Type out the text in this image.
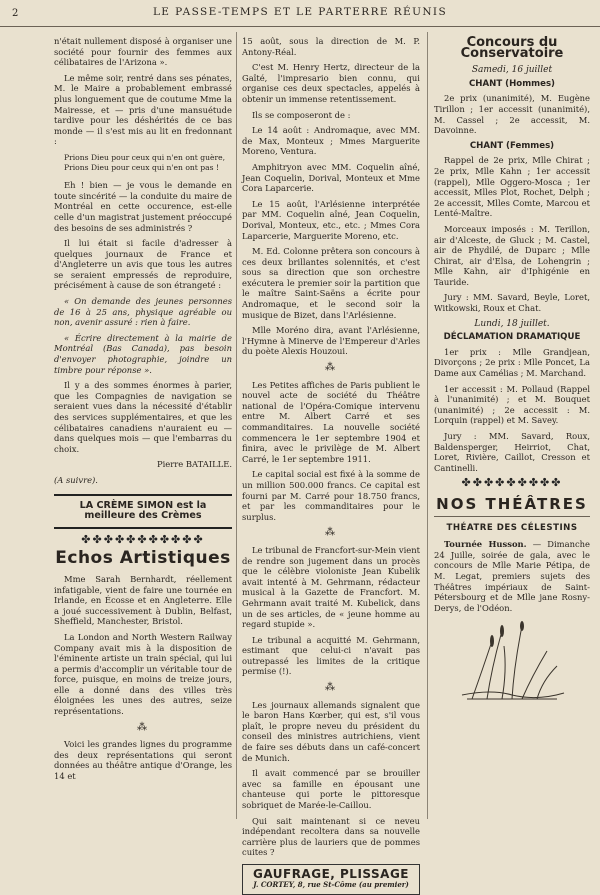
2	LE PASSE-TEMPS ET LE PARTERRE RÉUNIS

n'était nullement disposé à organiser une société pour fournir des femmes aux célibataires de l'Arizona ».

Le même soir, rentré dans ses pénates, M. le Maire a probablement embrassé plus longuement que de coutume Mme la Mairesse, et — pris d'une mansuétude tardive pour les déshérités de ce bas monde — il s'est mis au lit en fredonnant :

Prions Dieu pour ceux qui n'en ont guère,
Prions Dieu pour ceux qui n'en ont pas !

Eh ! bien — je vous le demande en toute sincérité — la conduite du maire de Montréal en cette occurence, est-elle celle d'un magistrat justement préoccupé des besoins de ses administrés ?

Il lui était si facile d'adresser à quelques journaux de France et d'Angleterre un avis que tous les autres se seraient empressés de reproduire, précisément à cause de son étrangeté :

« On demande des jeunes personnes de 16 à 25 ans, physique agréable ou non, avenir assuré : rien à faire.

« Écrire directement à la mairie de Montréal (Bas Canada), pas besoin d'envoyer photographie, joindre un timbre pour réponse ».

Il y a des sommes énormes à parier, que les Compagnies de navigation se seraient vues dans la nécessité d'établir des services supplémentaires, et que les célibataires canadiens n'auraient eu — dans quelques mois — que l'embarras du choix.

Pierre BATAILLE.

(A suivre).

LA CRÈME SIMON est la meilleure des Crèmes
✤✤✤✤✤✤✤✤✤✤✤
Echos Artistiques

Mme Sarah Bernhardt, réellement infatigable, vient de faire une tournée en Irlande, en Écosse et en Angleterre. Elle a joué successivement à Dublin, Belfast, Sheffield, Manchester, Bristol.

La London and North Western Railway Company avait mis à la disposition de l'éminente artiste un train spécial, qui lui a permis d'accomplir un véritable tour de force, puisque, en moins de treize jours, elle a donné dans des villes très éloignées les unes des autres, seize représentations.

⁂

Voici les grandes lignes du programme des deux représentations qui seront données au théâtre antique d'Orange, les 14 et

15 août, sous la direction de M. P. Antony-Réal.

C'est M. Henry Hertz, directeur de la Gaîté, l'impresario bien connu, qui organise ces deux spectacles, appelés à obtenir un immense retentissement.

Ils se composeront de :

Le 14 août : Andromaque, avec MM. de Max, Monteux ; Mmes Marguerite Moreno, Ventura.

Amphitryon avec MM. Coquelin aîné, Jean Coquelin, Dorival, Monteux et Mme Cora Laparcerie.

Le 15 août, l'Arlésienne interprétée par MM. Coquelin aîné, Jean Coquelin, Dorival, Monteux, etc., etc. ; Mmes Cora Laparcerie, Marguerite Moreno, etc.

M. Ed. Colonne prêtera son concours à ces deux brillantes solennités, et c'est sous sa direction que son orchestre exécutera le premier soir la partition que le maître Saint-Saëns a écrite pour Andromaque, et le second soir la musique de Bizet, dans l'Arlésienne.

Mlle Moréno dira, avant l'Arlésienne, l'Hymne à Minerve de l'Empereur d'Arles du poète Alexis Houzoui.

⁂

Les Petites affiches de Paris publient le nouvel acte de société du Théâtre national de l'Opéra-Comique intervenu entre M. Albert Carré et ses commanditaires. La nouvelle société commencera le 1er septembre 1904 et finira, avec le privilège de M. Albert Carré, le 1er septembre 1911.

Le capital social est fixé à la somme de un million 500.000 francs. Ce capital est fourni par M. Carré pour 18.750 francs, et par les commanditaires pour le surplus.

⁂

Le tribunal de Francfort-sur-Mein vient de rendre son jugement dans un procès que le célèbre violoniste Jean Kubelik avait intenté à M. Gehrmann, rédacteur musical à la Gazette de Francfort. M. Gehrmann avait traité M. Kubelick, dans un de ses articles, de « jeune homme au regard stupide ».

Le tribunal a acquitté M. Gehrmann, estimant que celui-ci n'avait pas outrepassé les limites de la critique permise (!).

⁂

Les journaux allemands signalent que le baron Hans Kœrber, qui est, s'il vous plaît, le propre neveu du président du conseil des ministres autrichiens, vient de faire ses débuts dans un café-concert de Munich.

Il avait commencé par se brouiller avec sa famille en épousant une chanteuse qui porte le pittoresque sobriquet de Marée-le-Caillou.

Qui sait maintenant si ce neveu indépendant recoltera dans sa nouvelle carrière plus de lauriers que de pommes cuites ?

GAUFRAGE, PLISSAGE
J. CORTEY, 8, rue St-Côme (au premier)
Concours du Conservatoire
Samedi, 16 juillet
CHANT (Hommes)

2e prix (unanimité), M. Eugène Tirillon ; 1er accessit (unanimité), M. Cassel ; 2e accessit, M. Davoinne.

CHANT (Femmes)

Rappel de 2e prix, Mlle Chirat ; 2e prix, Mlle Kahn ; 1er accessit (rappel), Mlle Oggero-Mosca ; 1er accessit, Mlles Plot, Rochet, Delph ; 2e accessit, Mlles Comte, Marcou et Lenté-Maître.

Morceaux imposés : M. Terillon, air d'Alceste, de Gluck ; M. Castel, air de Phydilé, de Duparc ; Mlle Chirat, air d'Elsa, de Lohengrin ; Mlle Kahn, air d'Iphigénie en Tauride.

Jury : MM. Savard, Beyle, Loret, Witkowski, Roux et Chat.

Lundi, 18 juillet.
DÉCLAMATION DRAMATIQUE

1er prix : Mlle Grandjean, Divorçons ; 2e prix : Mlle Poncet, La Dame aux Camélias ; M. Marchand.

1er accessit : M. Pollaud (Rappel à l'unanimité) ; et M. Bouquet (unanimité) ; 2e accessit : M. Lorquin (rappel) et M. Savey.

Jury : MM. Savard, Roux, Baldensperger, Heirriot, Chat, Loret, Rivière, Caillot, Cresson et Cantinelli.

✤✤✤✤✤✤✤✤✤
NOS THÉÂTRES
THÉATRE DES CÉLESTINS

Tournée Husson. — Dimanche 24 Juille, soirée de gala, avec le concours de Mlle Marie Pétipa, de M. Legat, premiers sujets des Théâtres impériaux de Saint-Pétersbourg et de Mlle jane Rosny-Derys, de l'Odéon.
